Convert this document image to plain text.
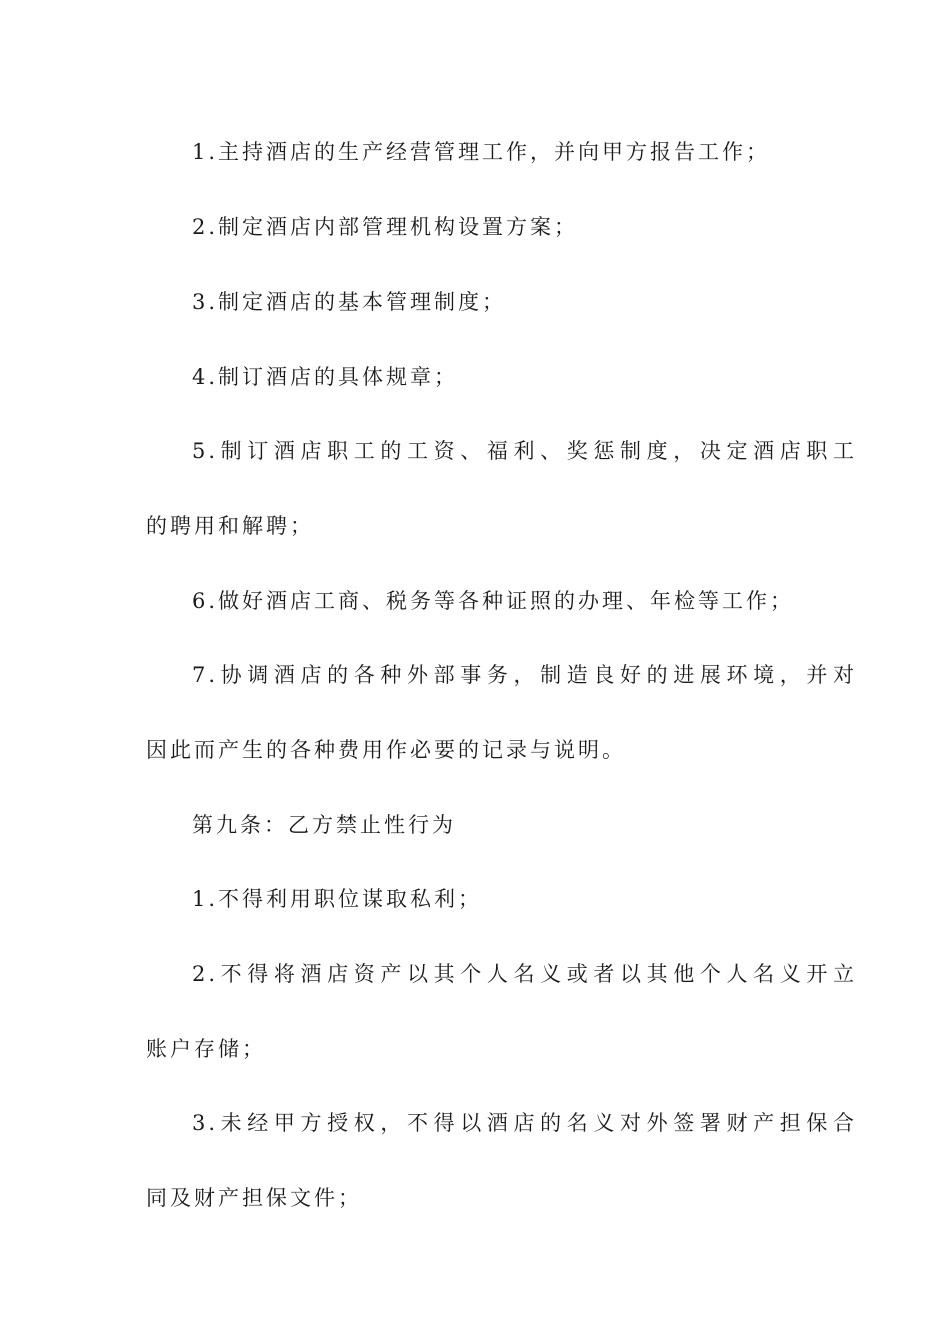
1.主持酒店的生产经营管理工作，并向甲方报告工作；
2.制定酒店内部管理机构设置方案；
3.制定酒店的基本管理制度；
4.制订酒店的具体规章；
5.制订酒店职工的工资、福利、奖惩制度，决定酒店职工
的聘用和解聘；
6.做好酒店工商、税务等各种证照的办理、年检等工作；
7.协调酒店的各种外部事务，制造良好的进展环境，并对
因此而产生的各种费用作必要的记录与说明。
第九条：乙方禁止性行为
1.不得利用职位谋取私利；
2.不得将酒店资产以其个人名义或者以其他个人名义开立
账户存储；
3.未经甲方授权，不得以酒店的名义对外签署财产担保合
同及财产担保文件；
